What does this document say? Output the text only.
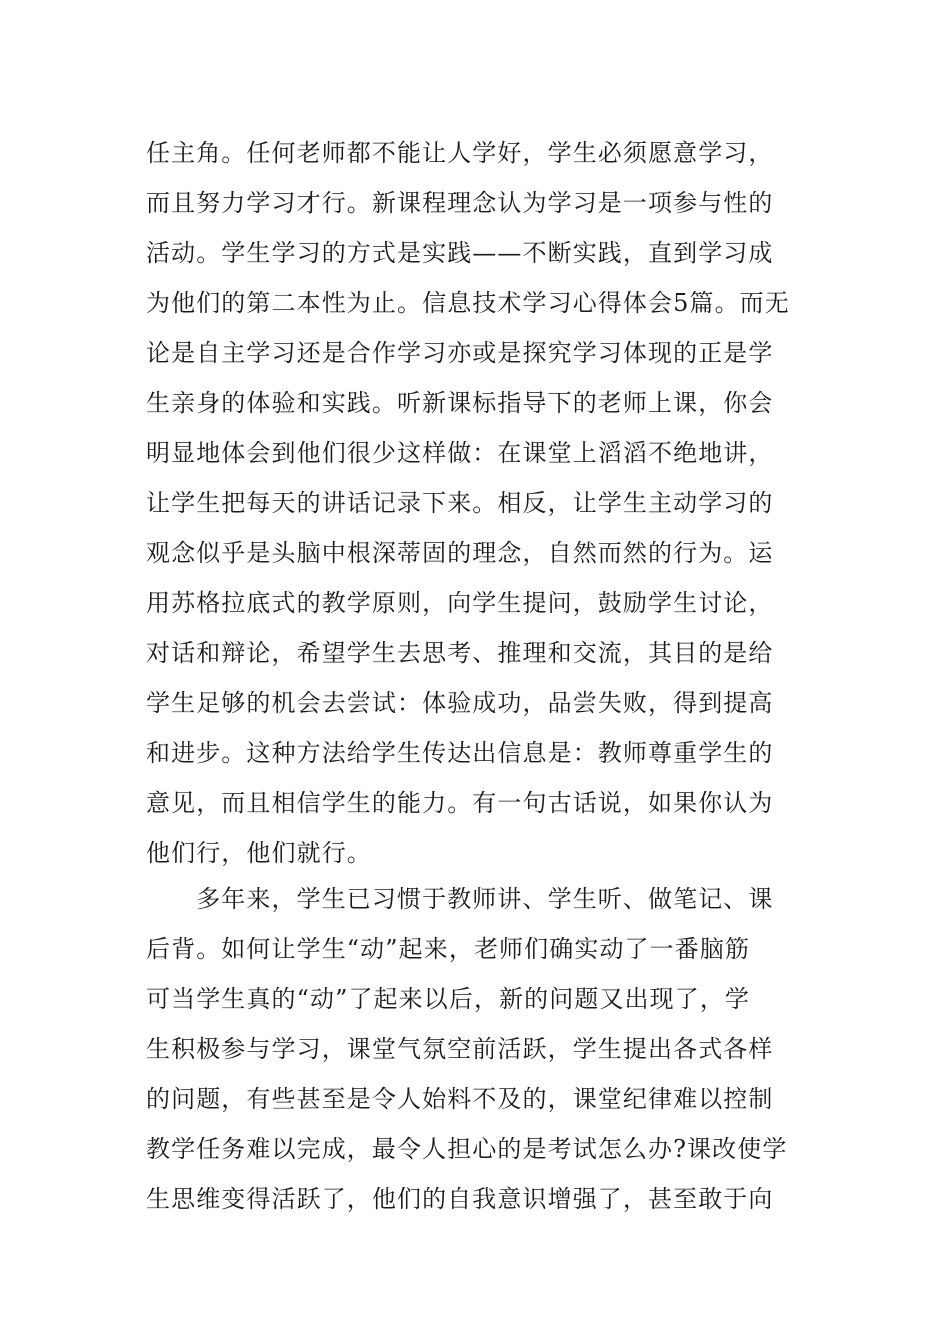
任主角。任何老师都不能让人学好，学生必须愿意学习，
而且努力学习才行。新课程理念认为学习是一项参与性的
活动。学生学习的方式是实践——不断实践，直到学习成
为他们的第二本性为止。信息技术学习心得体会5篇。而无
论是自主学习还是合作学习亦或是探究学习体现的正是学
生亲身的体验和实践。听新课标指导下的老师上课，你会
明显地体会到他们很少这样做：在课堂上滔滔不绝地讲，
让学生把每天的讲话记录下来。相反，让学生主动学习的
观念似乎是头脑中根深蒂固的理念，自然而然的行为。运
用苏格拉底式的教学原则，向学生提问，鼓励学生讨论，
对话和辩论，希望学生去思考、推理和交流，其目的是给
学生足够的机会去尝试：体验成功，品尝失败，得到提高
和进步。这种方法给学生传达出信息是：教师尊重学生的
意见，而且相信学生的能力。有一句古话说，如果你认为
他们行，他们就行。
　　多年来，学生已习惯于教师讲、学生听、做笔记、课
后背。如何让学生“动”起来，老师们确实动了一番脑筋
可当学生真的“动”了起来以后，新的问题又出现了，学
生积极参与学习，课堂气氛空前活跃，学生提出各式各样
的问题，有些甚至是令人始料不及的，课堂纪律难以控制
教学任务难以完成，最令人担心的是考试怎么办?课改使学
生思维变得活跃了，他们的自我意识增强了，甚至敢于向
